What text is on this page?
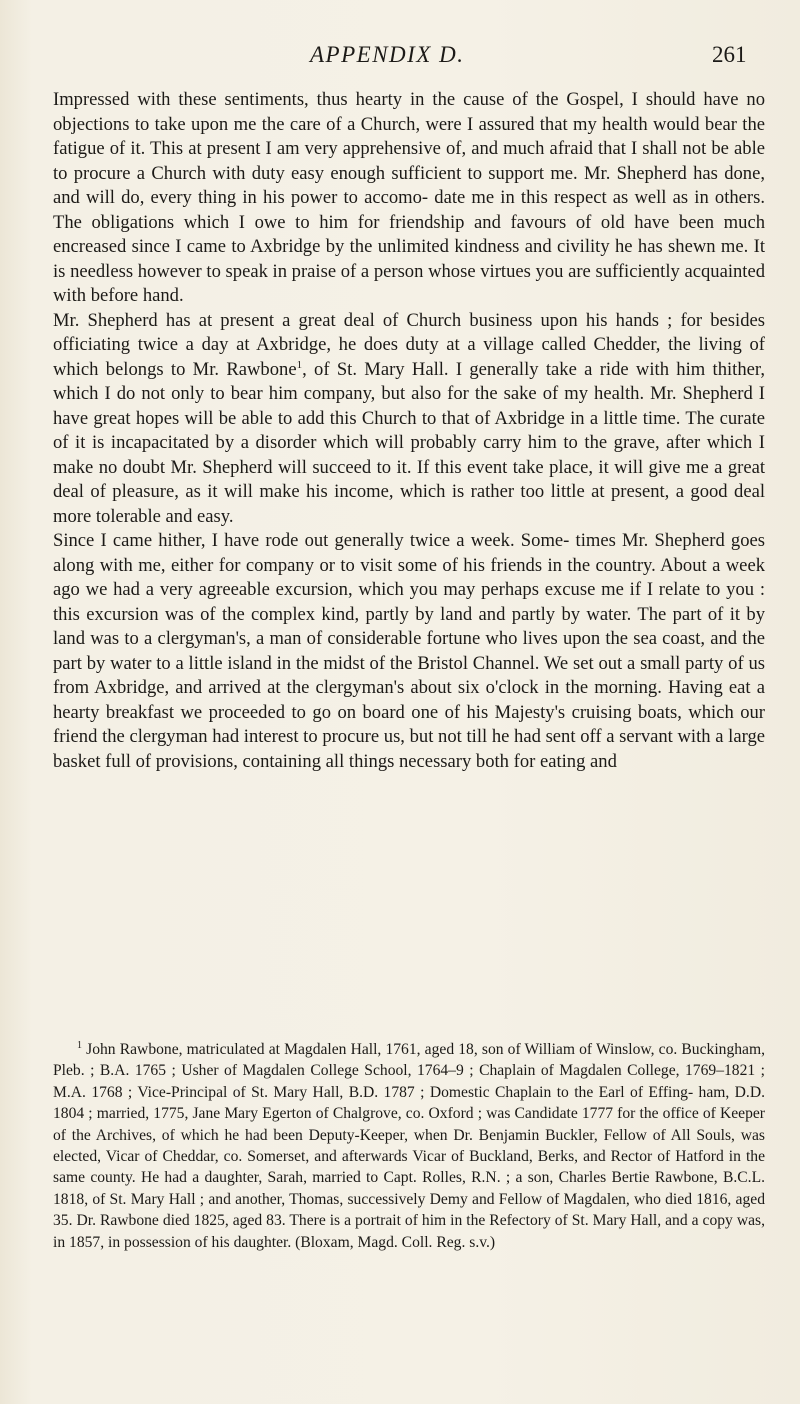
APPENDIX D.	261

Impressed with these sentiments, thus hearty in the cause of the Gospel, I should have no objections to take upon me the care of a Church, were I assured that my health would bear the fatigue of it. This at present I am very apprehensive of, and much afraid that I shall not be able to procure a Church with duty easy enough sufficient to support me. Mr. Shepherd has done, and will do, every thing in his power to accomo- date me in this respect as well as in others. The obligations which I owe to him for friendship and favours of old have been much encreased since I came to Axbridge by the unlimited kindness and civility he has shewn me. It is needless however to speak in praise of a person whose virtues you are sufficiently acquainted with before hand.

Mr. Shepherd has at present a great deal of Church business upon his hands ; for besides officiating twice a day at Axbridge, he does duty at a village called Chedder, the living of which belongs to Mr. Rawbone$^1$, of St. Mary Hall. I generally take a ride with him thither, which I do not only to bear him company, but also for the sake of my health. Mr. Shepherd I have great hopes will be able to add this Church to that of Axbridge in a little time. The curate of it is incapacitated by a disorder which will probably carry him to the grave, after which I make no doubt Mr. Shepherd will succeed to it. If this event take place, it will give me a great deal of pleasure, as it will make his income, which is rather too little at present, a good deal more tolerable and easy.

Since I came hither, I have rode out generally twice a week. Some- times Mr. Shepherd goes along with me, either for company or to visit some of his friends in the country. About a week ago we had a very agreeable excursion, which you may perhaps excuse me if I relate to you : this excursion was of the complex kind, partly by land and partly by water. The part of it by land was to a clergyman's, a man of considerable fortune who lives upon the sea coast, and the part by water to a little island in the midst of the Bristol Channel. We set out a small party of us from Axbridge, and arrived at the clergyman's about six o'clock in the morning. Having eat a hearty breakfast we proceeded to go on board one of his Majesty's cruising boats, which our friend the clergyman had interest to procure us, but not till he had sent off a servant with a large basket full of provisions, containing all things necessary both for eating and

$^1$ John Rawbone, matriculated at Magdalen Hall, 1761, aged 18, son of William of Winslow, co. Buckingham, Pleb. ; B.A. 1765 ; Usher of Magdalen College School, 1764–9 ; Chaplain of Magdalen College, 1769–1821 ; M.A. 1768 ; Vice-Principal of St. Mary Hall, B.D. 1787 ; Domestic Chaplain to the Earl of Effing- ham, D.D. 1804 ; married, 1775, Jane Mary Egerton of Chalgrove, co. Oxford ; was Candidate 1777 for the office of Keeper of the Archives, of which he had been Deputy-Keeper, when Dr. Benjamin Buckler, Fellow of All Souls, was elected, Vicar of Cheddar, co. Somerset, and afterwards Vicar of Buckland, Berks, and Rector of Hatford in the same county. He had a daughter, Sarah, married to Capt. Rolles, R.N. ; a son, Charles Bertie Rawbone, B.C.L. 1818, of St. Mary Hall ; and another, Thomas, successively Demy and Fellow of Magdalen, who died 1816, aged 35. Dr. Rawbone died 1825, aged 83. There is a portrait of him in the Refectory of St. Mary Hall, and a copy was, in 1857, in possession of his daughter. (Bloxam, Magd. Coll. Reg. s.v.)
